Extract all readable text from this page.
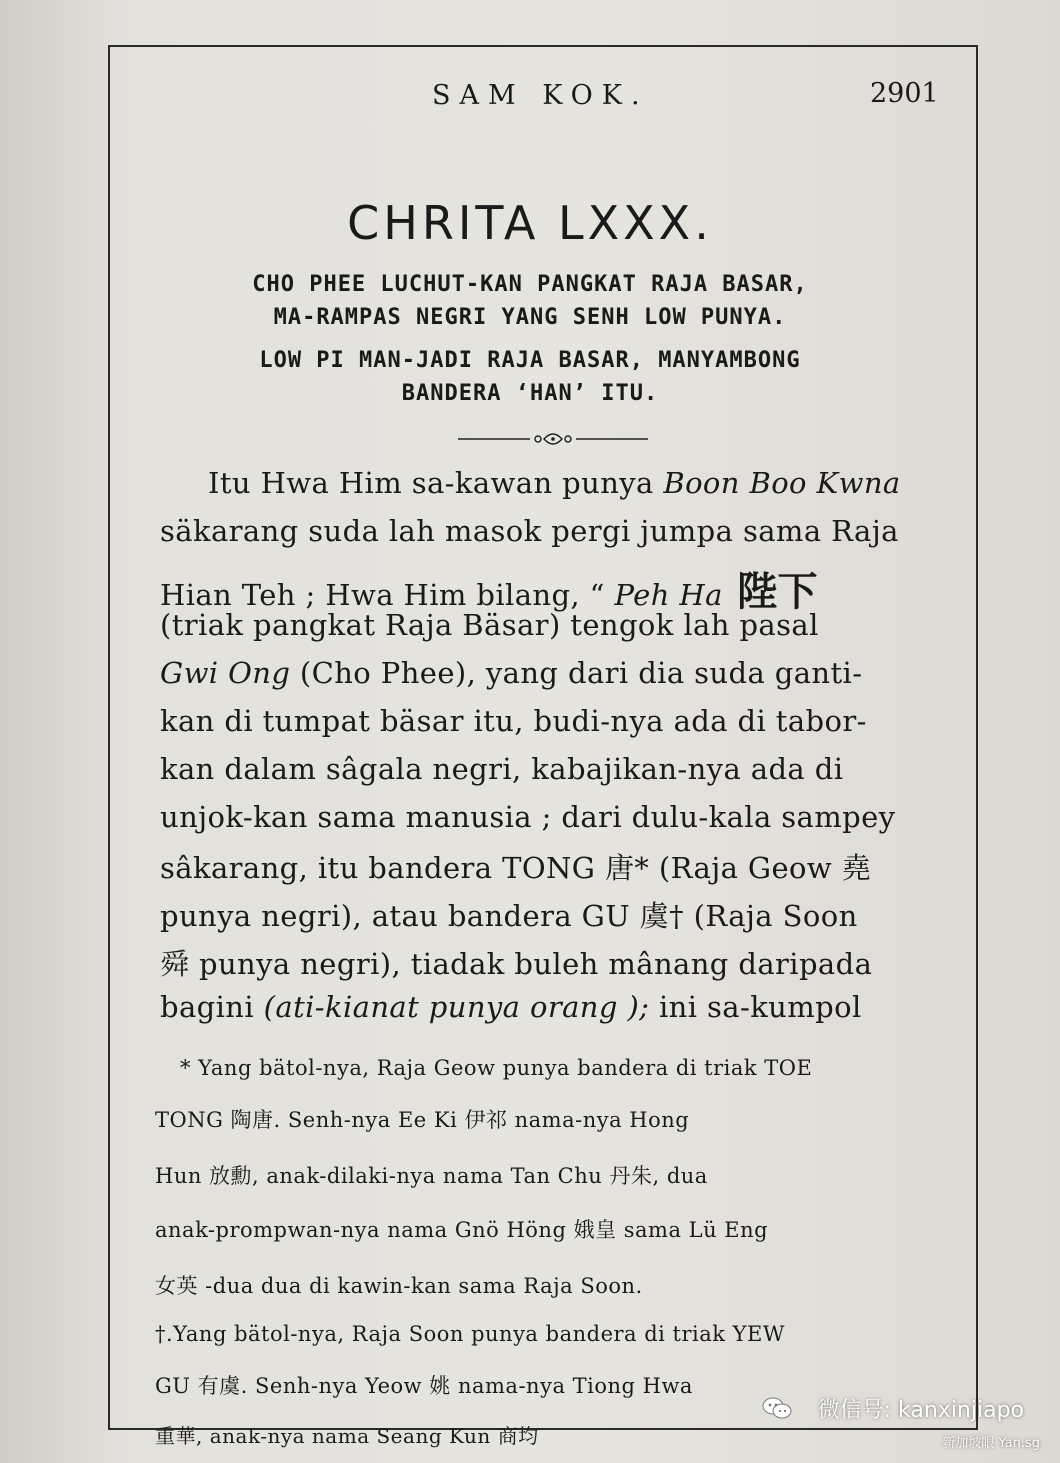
SAM KOK.	2901
CHRITA LXXX.
CHO PHEE LUCHUT-KAN PANGKAT RAJA BASAR,
MA-RAMPAS NEGRI YANG SENH LOW PUNYA.
LOW PI MAN-JADI RAJA BASAR, MANYAMBONG
BANDERA ‘HAN’ ITU.
Itu Hwa Him sa-kawan punya Boon Boo Kwna
säkarang suda lah masok pergi jumpa sama Raja
Hian Teh ; Hwa Him bilang, “ Peh Ha 陛下
(triak pangkat Raja Bäsar) tengok lah pasal
Gwi Ong (Cho Phee), yang dari dia suda ganti-
kan di tumpat bäsar itu, budi-nya ada di tabor-
kan dalam sâgala negri, kabajikan-nya ada di
unjok-kan sama manusia ; dari dulu-kala sampey
sâkarang, itu bandera TONG 唐* (Raja Geow 堯
punya negri), atau bandera GU 虞† (Raja Soon
舜 punya negri), tiadak buleh mânang daripada
bagini (ati-kianat punya orang ); ini sa-kumpol
* Yang bätol-nya, Raja Geow punya bandera di triak TOE
TONG 陶唐. Senh-nya Ee Ki 伊祁 nama-nya Hong
Hun 放勳, anak-dilaki-nya nama Tan Chu 丹朱, dua
anak-prompwan-nya nama Gnö Höng 娥皇 sama Lü Eng
女英 -dua dua di kawin-kan sama Raja Soon.
†.Yang bätol-nya, Raja Soon punya bandera di triak YEW
GU 有虞. Senh-nya Yeow 姚 nama-nya Tiong Hwa
重華, anak-nya nama Seang Kun 商均
微信号: kanxinjiapo
新加坡眼 Yan.sg
